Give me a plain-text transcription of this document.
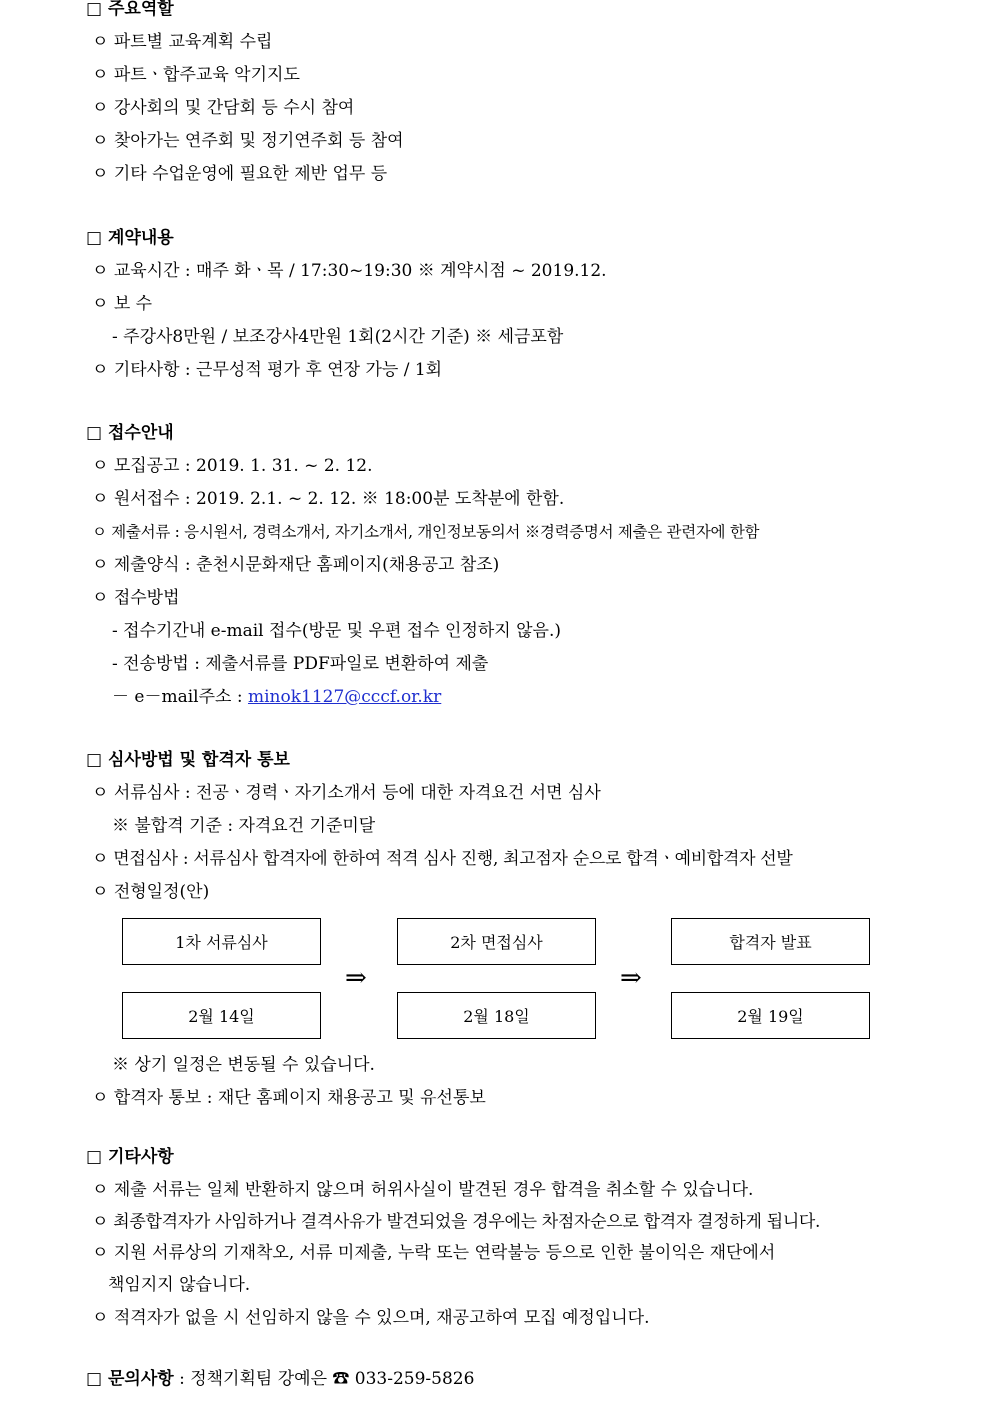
□ 주요역할
ㅇ 파트별 교육계획 수립
ㅇ 파트ㆍ합주교육 악기지도
ㅇ 강사회의 및 간담회 등 수시 참여
ㅇ 찾아가는 연주회 및 정기연주회 등 참여
ㅇ 기타 수업운영에 필요한 제반 업무 등
□ 계약내용
ㅇ 교육시간 : 매주 화ㆍ목 / 17:30~19:30 ※ 계약시점 ~ 2019.12.
ㅇ 보 수
- 주강사8만원 / 보조강사4만원 1회(2시간 기준) ※ 세금포함
ㅇ 기타사항 : 근무성적 평가 후 연장 가능 / 1회
□ 접수안내
ㅇ 모집공고 : 2019. 1. 31. ~ 2. 12.
ㅇ 원서접수 : 2019. 2.1. ~ 2. 12. ※ 18:00분 도착분에 한함.
ㅇ 제출서류 : 응시원서, 경력소개서, 자기소개서, 개인정보동의서 ※경력증명서 제출은 관련자에 한함
ㅇ 제출양식 : 춘천시문화재단 홈페이지(채용공고 참조)
ㅇ 접수방법
- 접수기간내 e-mail 접수(방문 및 우편 접수 인정하지 않음.)
- 전송방법 : 제출서류를 PDF파일로 변환하여 제출
－ e－mail주소 : minok1127@cccf.or.kr
□ 심사방법 및 합격자 통보
ㅇ 서류심사 : 전공ㆍ경력ㆍ자기소개서 등에 대한 자격요건 서면 심사
※ 불합격 기준 : 자격요건 기준미달
ㅇ 면접심사 : 서류심사 합격자에 한하여 적격 심사 진행, 최고점자 순으로 합격ㆍ예비합격자 선발
ㅇ 전형일정(안)
1차 서류심사	2차 면접심사	합격자 발표
⇒	⇒
2월 14일	2월 18일	2월 19일
※ 상기 일정은 변동될 수 있습니다.
ㅇ 합격자 통보 : 재단 홈페이지 채용공고 및 유선통보
□ 기타사항
ㅇ 제출 서류는 일체 반환하지 않으며 허위사실이 발견된 경우 합격을 취소할 수 있습니다.
ㅇ 최종합격자가 사임하거나 결격사유가 발견되었을 경우에는 차점자순으로 합격자 결정하게 됩니다.
ㅇ 지원 서류상의 기재착오, 서류 미제출, 누락 또는 연락불능 등으로 인한 불이익은 재단에서
책임지지 않습니다.
ㅇ 적격자가 없을 시 선임하지 않을 수 있으며, 재공고하여 모집 예정입니다.
□ 문의사항 : 정책기획팀 강예은 ☎ 033-259-5826
